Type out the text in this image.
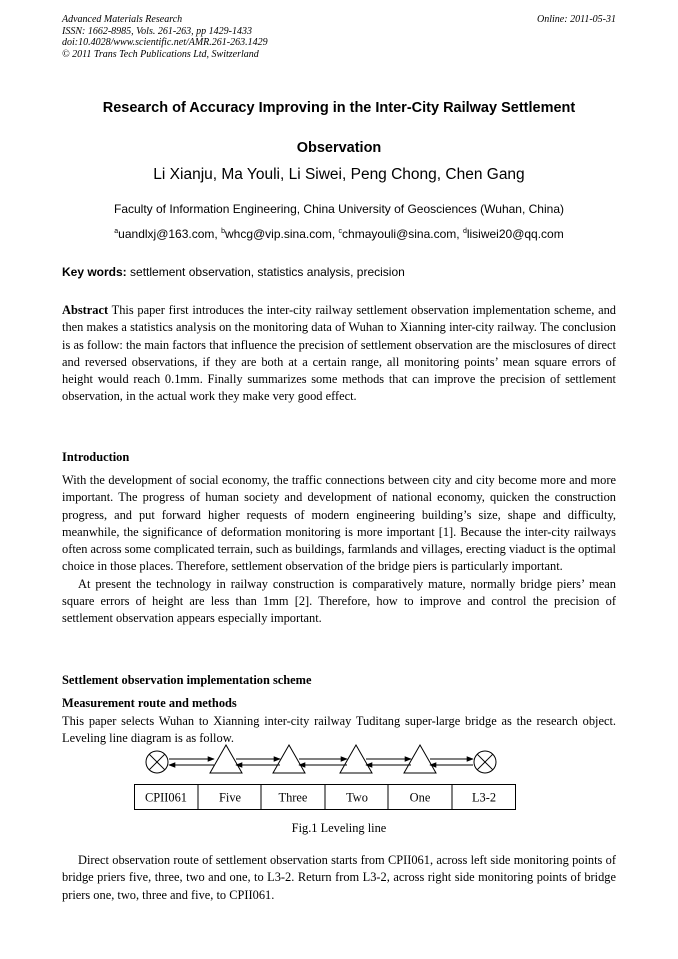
Advanced Materials Research
ISSN: 1662-8985, Vols. 261-263, pp 1429-1433
doi:10.4028/www.scientific.net/AMR.261-263.1429
© 2011 Trans Tech Publications Ltd, Switzerland
Online: 2011-05-31
Research of Accuracy Improving in the Inter-City Railway Settlement
Observation
Li Xianju, Ma Youli, Li Siwei, Peng Chong, Chen Gang
Faculty of Information Engineering, China University of Geosciences (Wuhan, China)
$^a$uandlxj@163.com, $^b$whcg@vip.sina.com, $^c$chmayouli@sina.com, $^d$lisiwei20@qq.com
Key words: settlement observation, statistics analysis, precision

Abstract This paper first introduces the inter-city railway settlement observation implementation scheme, and then makes a statistics analysis on the monitoring data of Wuhan to Xianning inter-city railway. The conclusion is as follow: the main factors that influence the precision of settlement observation are the misclosures of direct and reversed observations, if they are both at a certain range, all monitoring points’ mean square errors of height would reach 0.1mm. Finally summarizes some methods that can improve the precision of settlement observation, in the actual work they make very good effect.

Introduction

With the development of social economy, the traffic connections between city and city become more and more important. The progress of human society and development of national economy, quicken the construction progress, and put forward higher requests of modern engineering building’s size, shape and difficulty, meanwhile, the significance of deformation monitoring is more important [1]. Because the inter-city railways often across some complicated terrain, such as buildings, farmlands and villages, erecting viaduct is the optimal choice in those places. Therefore, settlement observation of the bridge piers is particularly important.

At present the technology in railway construction is comparatively mature, normally bridge piers’ mean square errors of height are less than 1mm [2]. Therefore, how to improve and control the precision of settlement observation appears especially important.

Settlement observation implementation scheme
Measurement route and methods

This paper selects Wuhan to Xianning inter-city railway Tuditang super-large bridge as the research object. Leveling line diagram is as follow.

CPII061	Five	Three	Two	One	L3-2
Fig.1 Leveling line

Direct observation route of settlement observation starts from CPII061, across left side monitoring points of bridge priers five, three, two and one, to L3-2. Return from L3-2, across right side monitoring points of bridge priers one, two, three and five, to CPII061.
